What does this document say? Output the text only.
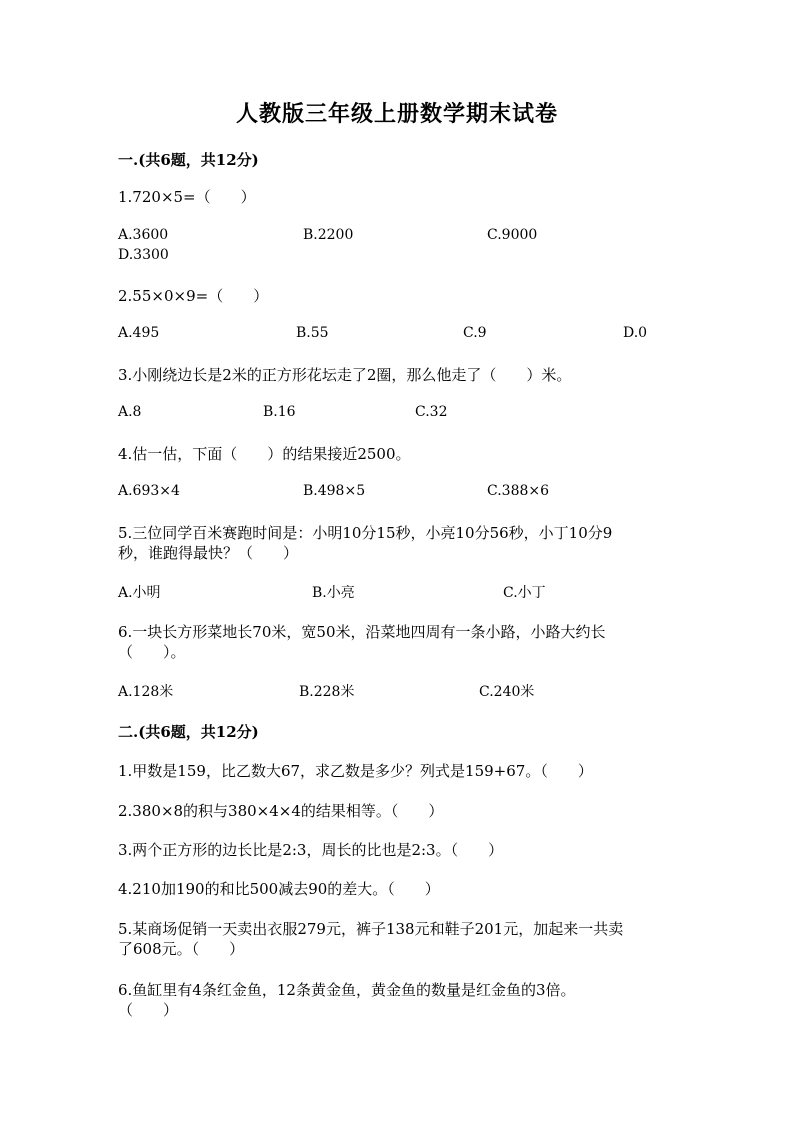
人教版三年级上册数学期末试卷
一.(共6题，共12分)
1.720×5=（　　）
A.3600	B.2200	C.9000
D.3300
2.55×0×9=（　　）
A.495	B.55	C.9	D.0
3.小刚绕边长是2米的正方形花坛走了2圈，那么他走了（　　）米。
A.8	B.16	C.32
4.估一估，下面（　　）的结果接近2500。
A.693×4	B.498×5	C.388×6
5.三位同学百米赛跑时间是：小明10分15秒，小亮10分56秒，小丁10分9
秒，谁跑得最快？（　　）
A.小明	B.小亮	C.小丁
6.一块长方形菜地长70米，宽50米，沿菜地四周有一条小路，小路大约长
（　　）。
A.128米	B.228米	C.240米
二.(共6题，共12分)
1.甲数是159，比乙数大67，求乙数是多少？列式是159+67。（　　）
2.380×8的积与380×4×4的结果相等。（　　）
3.两个正方形的边长比是2:3，周长的比也是2:3。（　　）
4.210加190的和比500减去90的差大。（　　）
5.某商场促销一天卖出衣服279元，裤子138元和鞋子201元，加起来一共卖
了608元。（　　）
6.鱼缸里有4条红金鱼，12条黄金鱼，黄金鱼的数量是红金鱼的3倍。
（　　）
